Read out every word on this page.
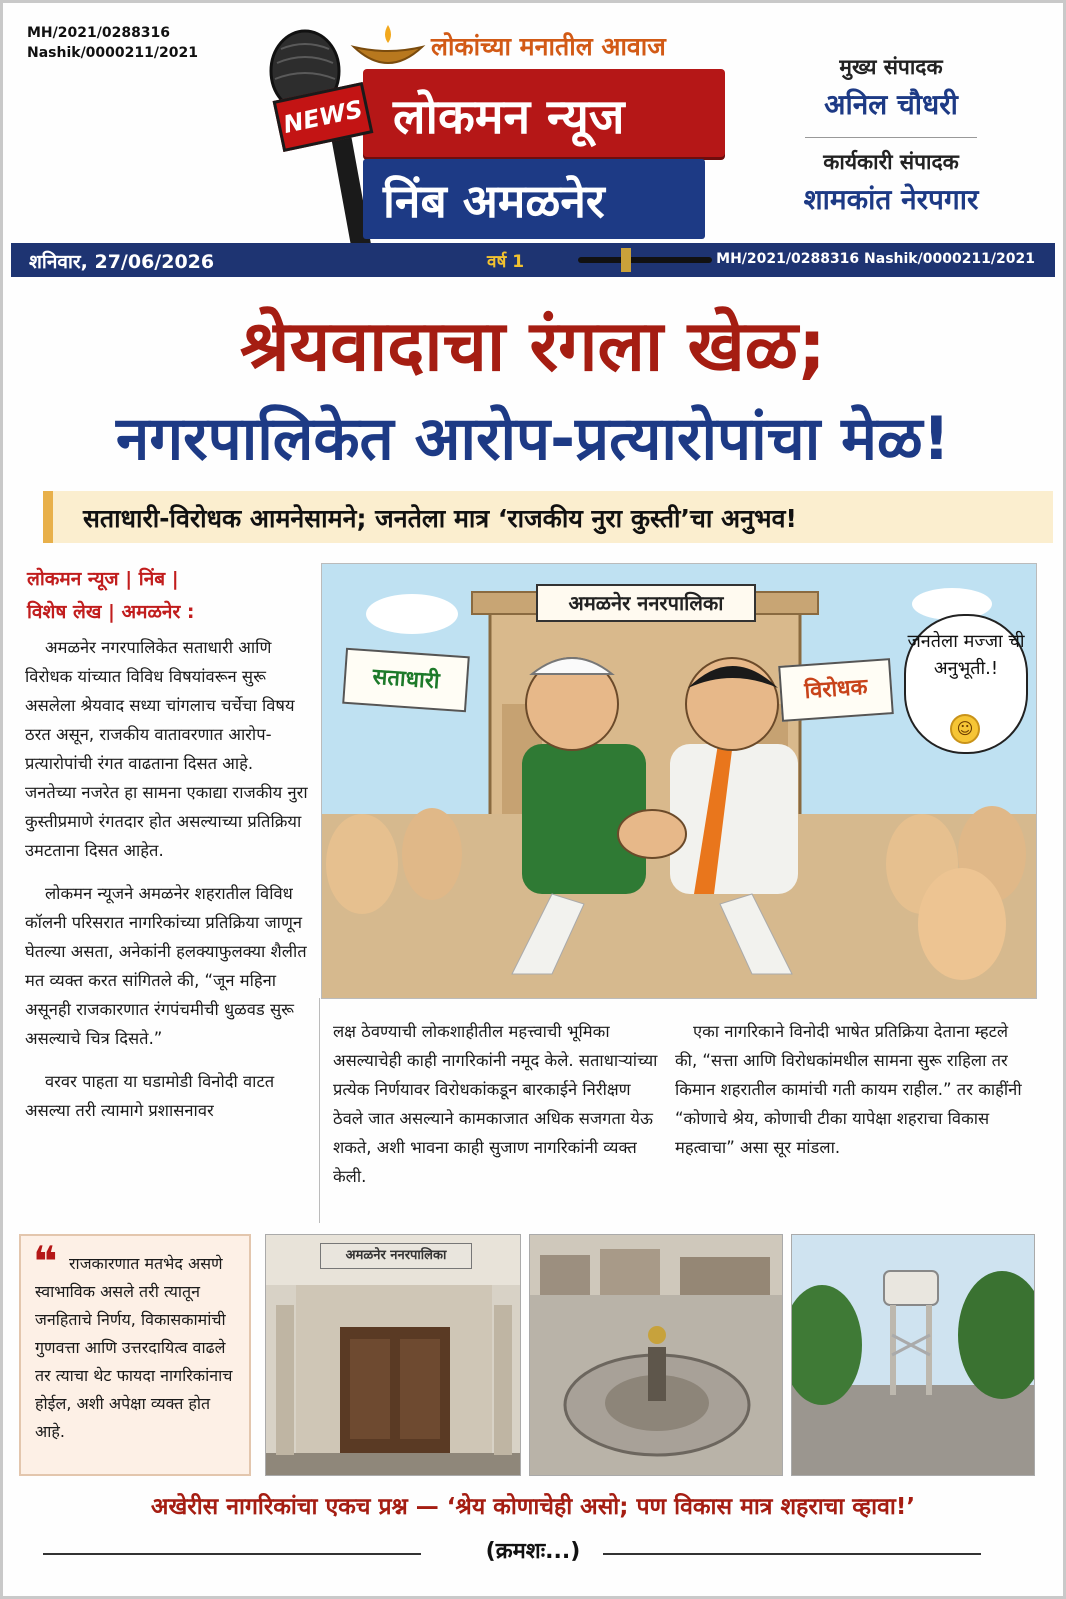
MH/2021/0288316
Nashik/0000211/2021	लोकांच्या मनातील आवाज
लोकमन न्यूज
NEWS
निंब अमळनेर
मुख्य संपादक
अनिल चौधरी
कार्यकारी संपादक
शामकांत नेरपगार
शनिवार, 27/06/2026	वर्ष 1	MH/2021/0288316 Nashik/0000211/2021
श्रेयवादाचा रंगला खेळ;
नगरपालिकेत आरोप-प्रत्यारोपांचा मेळ!
सताधारी-विरोधक आमनेसामने; जनतेला मात्र ‘राजकीय नुरा कुस्ती’चा अनुभव!
लोकमन न्यूज | निंब |
विशेष लेख | अमळनेर :

अमळनेर नगरपालिकेत सताधारी आणि विरोधक यांच्यात विविध विषयांवरून सुरू असलेला श्रेयवाद सध्या चांगलाच चर्चेचा विषय ठरत असून, राजकीय वातावरणात आरोप-प्रत्यारोपांची रंगत वाढताना दिसत आहे. जनतेच्या नजरेत हा सामना एकाद्या राजकीय नुरा कुस्तीप्रमाणे रंगतदार होत असल्याच्या प्रतिक्रिया उमटताना दिसत आहेत.

लोकमन न्यूजने अमळनेर शहरातील विविध कॉलनी परिसरात नागरिकांच्या प्रतिक्रिया जाणून घेतल्या असता, अनेकांनी हलक्याफुलक्या शैलीत मत व्यक्त करत सांगितले की, “जून महिना असूनही राजकारणात रंगपंचमीची धुळवड सुरू असल्याचे चित्र दिसते.”

वरवर पाहता या घडामोडी विनोदी वाटत असल्या तरी त्यामागे प्रशासनावर

अमळनेर ननरपालिका
सताधारी	विरोधक
जनतेला मज्जा ची अनुभूती.!
☺
लक्ष ठेवण्याची लोकशाहीतील महत्त्वाची भूमिका असल्याचेही काही नागरिकांनी नमूद केले. सताधाऱ्यांच्या प्रत्येक निर्णयावर विरोधकांकडून बारकाईने निरीक्षण ठेवले जात असल्याने कामकाजात अधिक सजगता येऊ शकते, अशी भावना काही सुजाण नागरिकांनी व्यक्त केली.

एका नागरिकाने विनोदी भाषेत प्रतिक्रिया देताना म्हटले की, “सत्ता आणि विरोधकांमधील सामना सुरू राहिला तर किमान शहरातील कामांची गती कायम राहील.” तर काहींनी “कोणाचे श्रेय, कोणाची टीका यापेक्षा शहराचा विकास महत्वाचा” असा सूर मांडला.

❝ राजकारणात मतभेद असणे स्वाभाविक असले तरी त्यातून जनहिताचे निर्णय, विकासकामांची गुणवत्ता आणि उत्तरदायित्व वाढले तर त्याचा थेट फायदा नागरिकांनाच होईल, अशी अपेक्षा व्यक्त होत आहे.
अमळनेर ननरपालिका
अखेरीस नागरिकांचा एकच प्रश्न — ‘श्रेय कोणाचेही असो; पण विकास मात्र शहराचा व्हावा!’
(क्रमशः...)
